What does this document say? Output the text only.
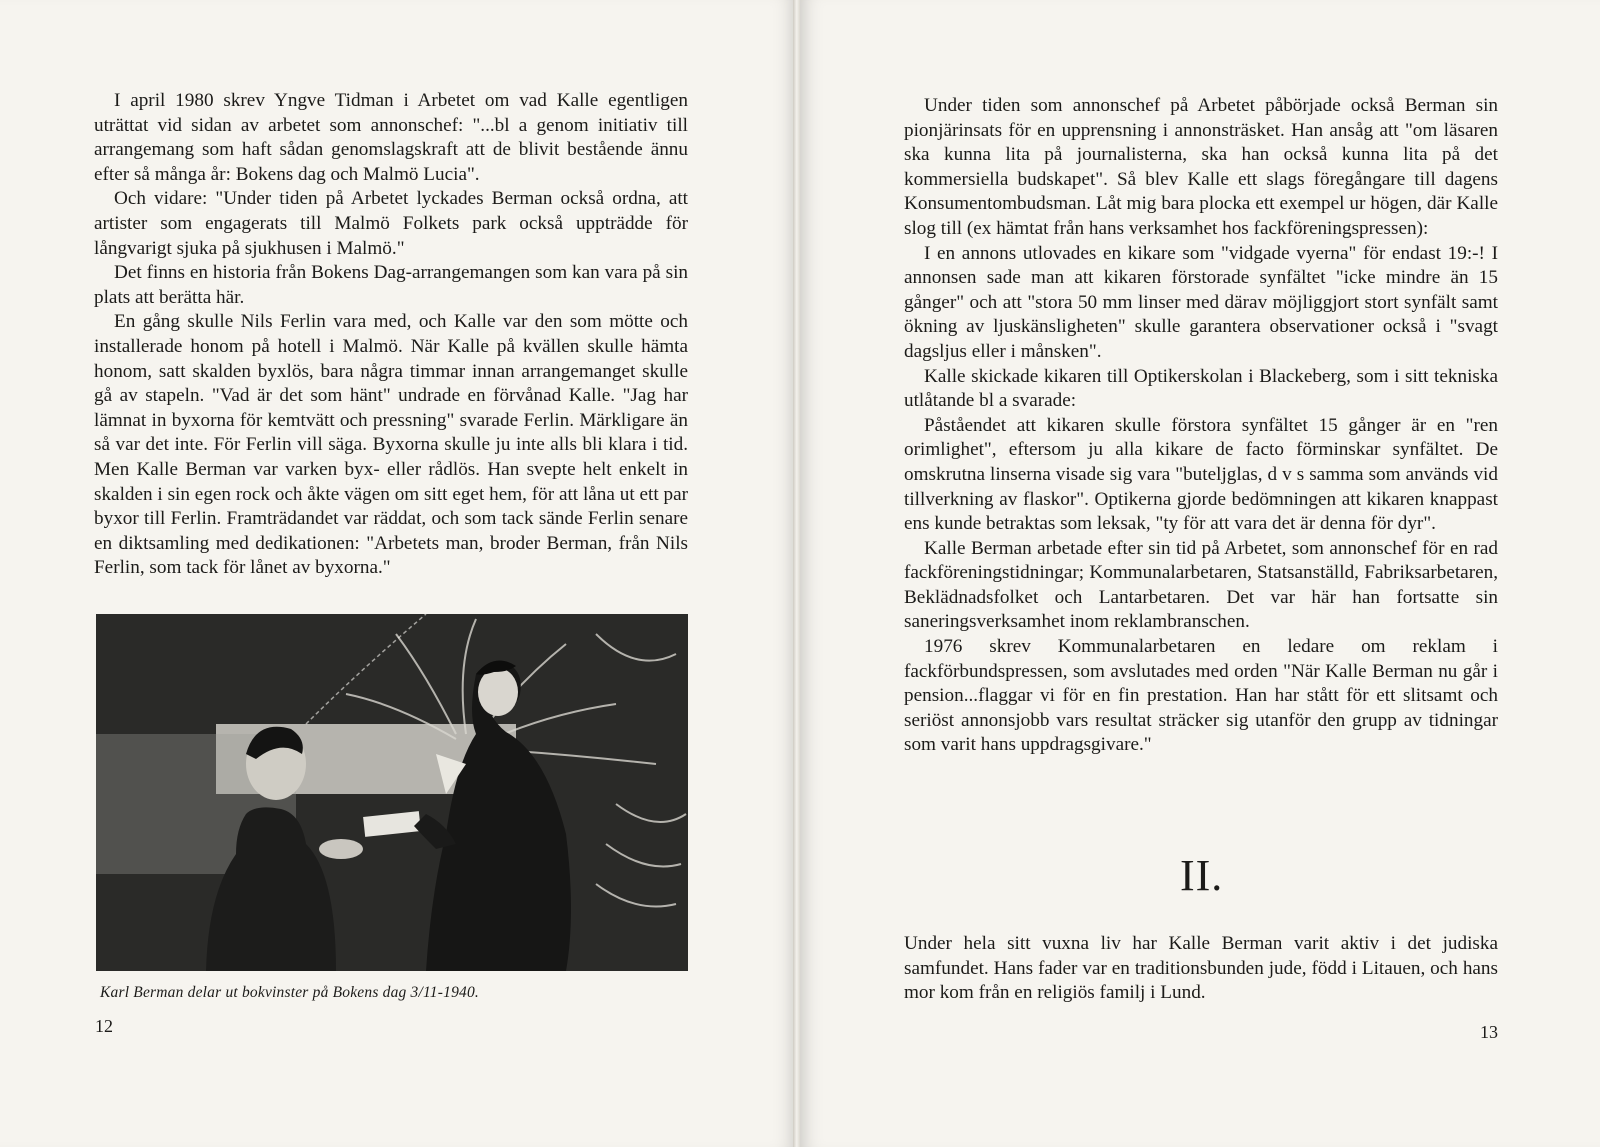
I april 1980 skrev Yngve Tidman i Arbetet om vad Kalle egentligen uträttat vid sidan av arbetet som annonschef: "...bl a genom initiativ till arrangemang som haft sådan genomslagskraft att de blivit bestående ännu efter så många år: Bokens dag och Malmö Lucia".

Och vidare: "Under tiden på Arbetet lyckades Berman också ordna, att artister som engagerats till Malmö Folkets park också uppträdde för långvarigt sjuka på sjukhusen i Malmö."

Det finns en historia från Bokens Dag-arrangemangen som kan vara på sin plats att berätta här.

En gång skulle Nils Ferlin vara med, och Kalle var den som mötte och installerade honom på hotell i Malmö. När Kalle på kvällen skulle hämta honom, satt skalden byxlös, bara några timmar innan arrangemanget skulle gå av stapeln. "Vad är det som hänt" undrade en förvånad Kalle. "Jag har lämnat in byxorna för kemtvätt och pressning" svarade Ferlin. Märkligare än så var det inte. För Ferlin vill säga. Byxorna skulle ju inte alls bli klara i tid. Men Kalle Berman var varken byx- eller rådlös. Han svepte helt enkelt in skalden i sin egen rock och åkte vägen om sitt eget hem, för att låna ut ett par byxor till Ferlin. Framträdandet var räddat, och som tack sände Ferlin senare en diktsamling med dedikationen: "Arbetets man, broder Berman, från Nils Ferlin, som tack för lånet av byxorna."

Karl Berman delar ut bokvinster på Bokens dag 3/11-1940.
12

Under tiden som annonschef på Arbetet påbörjade också Berman sin pionjärinsats för en upprensning i annonsträsket. Han ansåg att "om läsaren ska kunna lita på journalisterna, ska han också kunna lita på det kommersiella budskapet". Så blev Kalle ett slags föregångare till dagens Konsumentombudsman. Låt mig bara plocka ett exempel ur högen, där Kalle slog till (ex hämtat från hans verksamhet hos fackföreningspressen):

I en annons utlovades en kikare som "vidgade vyerna" för endast 19:-! I annonsen sade man att kikaren förstorade synfältet "icke mindre än 15 gånger" och att "stora 50 mm linser med därav möjliggjort stort synfält samt ökning av ljuskänsligheten" skulle garantera observationer också i "svagt dagsljus eller i månsken".

Kalle skickade kikaren till Optikerskolan i Blackeberg, som i sitt tekniska utlåtande bl a svarade:

Påståendet att kikaren skulle förstora synfältet 15 gånger är en "ren orimlighet", eftersom ju alla kikare de facto förminskar synfältet. De omskrutna linserna visade sig vara "buteljglas, d v s samma som används vid tillverkning av flaskor". Optikerna gjorde bedömningen att kikaren knappast ens kunde betraktas som leksak, "ty för att vara det är denna för dyr".

Kalle Berman arbetade efter sin tid på Arbetet, som annonschef för en rad fackföreningstidningar; Kommunalarbetaren, Statsanställd, Fabriksarbetaren, Beklädnadsfolket och Lantarbetaren. Det var här han fortsatte sin saneringsverksamhet inom reklambranschen.

1976 skrev Kommunalarbetaren en ledare om reklam i fackförbundspressen, som avslutades med orden "När Kalle Berman nu går i pension...flaggar vi för en fin prestation. Han har stått för ett slitsamt och seriöst annonsjobb vars resultat sträcker sig utanför den grupp av tidningar som varit hans uppdragsgivare."

II.

Under hela sitt vuxna liv har Kalle Berman varit aktiv i det judiska samfundet. Hans fader var en traditionsbunden jude, född i Litauen, och hans mor kom från en religiös familj i Lund.

13
